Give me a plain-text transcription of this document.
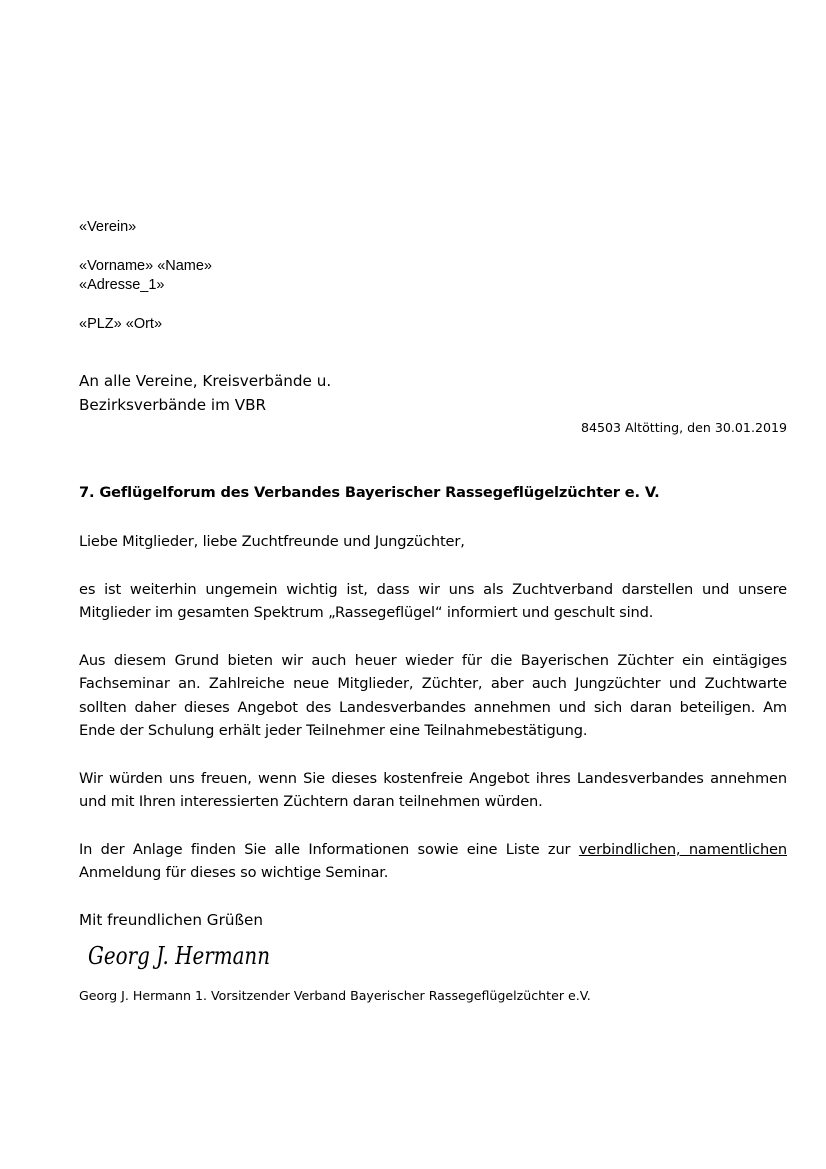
«Verein»
«Vorname» «Name»
«Adresse_1»
«PLZ» «Ort»
An alle Vereine, Kreisverbände u.
Bezirksverbände im VBR
84503 Altötting, den 30.01.2019
7. Geflügelforum des Verbandes Bayerischer Rassegeflügelzüchter e. V.
Liebe Mitglieder, liebe Zuchtfreunde und Jungzüchter,
es ist weiterhin ungemein wichtig ist, dass wir uns als Zuchtverband darstellen und unsere Mitglieder im gesamten Spektrum „Rassegeflügel“ informiert und geschult sind.
Aus diesem Grund bieten wir auch heuer wieder für die Bayerischen Züchter ein eintägiges Fachseminar an. Zahlreiche neue Mitglieder, Züchter, aber auch Jungzüchter und Zuchtwarte sollten daher dieses Angebot des Landesverbandes annehmen und sich daran beteiligen. Am Ende der Schulung erhält jeder Teilnehmer eine Teilnahmebestätigung.
Wir würden uns freuen, wenn Sie dieses kostenfreie Angebot ihres Landesverbandes annehmen und mit Ihren interessierten Züchtern daran teilnehmen würden.
In der Anlage finden Sie alle Informationen sowie eine Liste zur verbindlichen, namentlichen Anmeldung für dieses so wichtige Seminar.
Mit freundlichen Grüßen
Georg J. Hermann
Georg J. Hermann 1. Vorsitzender Verband Bayerischer Rassegeflügelzüchter e.V.
